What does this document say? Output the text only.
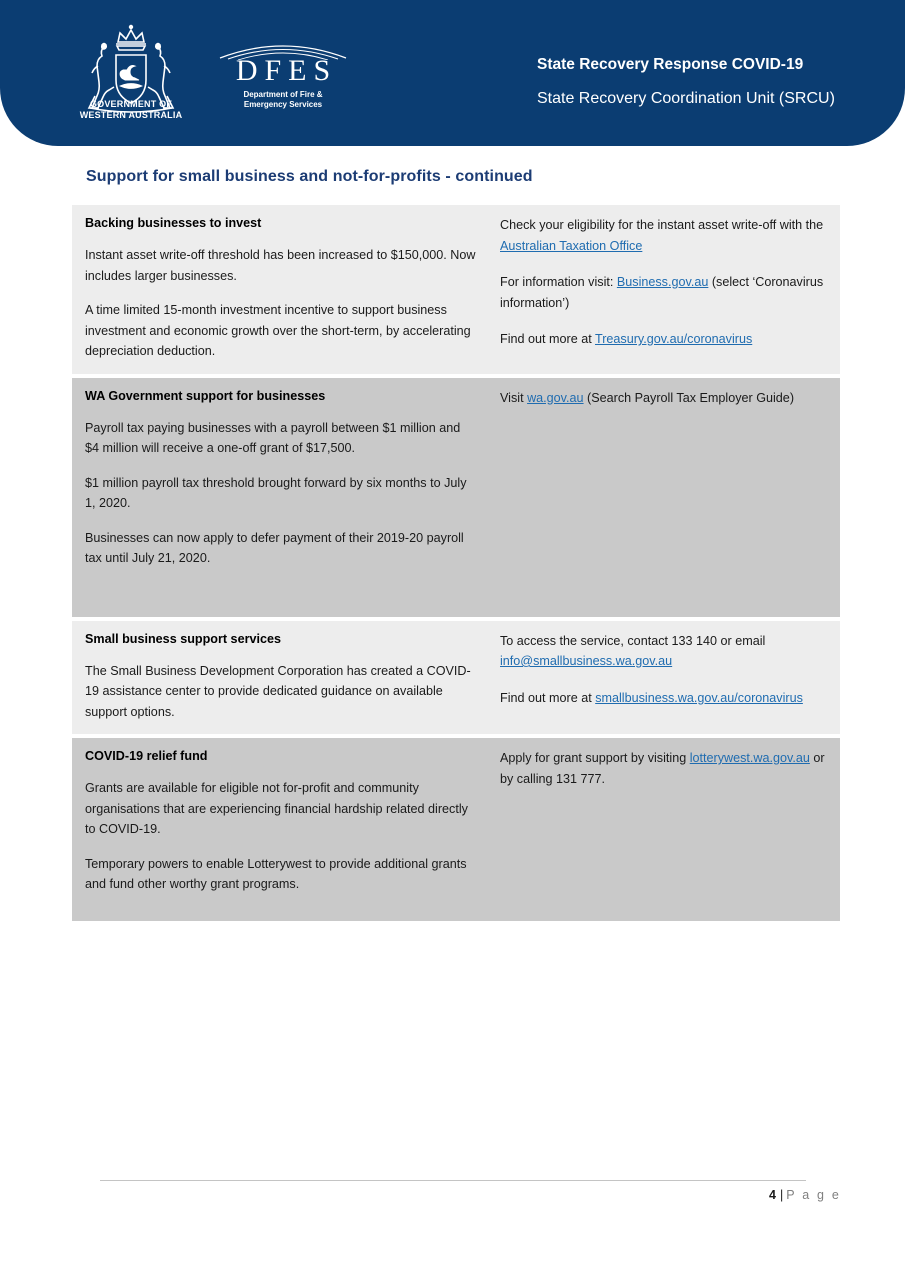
GOVERNMENT OF
WESTERN AUSTRALIA
DFES
Department of Fire &
Emergency Services
State Recovery Response COVID-19
State Recovery Coordination Unit (SRCU)
Support for small business and not-for-profits - continued
Backing businesses to invest

Instant asset write-off threshold has been increased to $150,000. Now includes larger businesses.

A time limited 15-month investment incentive to support business investment and economic growth over the short-term, by accelerating depreciation deduction.

Check your eligibility for the instant asset write-off with the Australian Taxation Office

For information visit: Business.gov.au (select ‘Coronavirus information’)

Find out more at Treasury.gov.au/coronavirus

WA Government support for businesses

Payroll tax paying businesses with a payroll between $1 million and $4 million will receive a one-off grant of $17,500.

$1 million payroll tax threshold brought forward by six months to July 1, 2020.

Businesses can now apply to defer payment of their 2019-20 payroll tax until July 21, 2020.

Visit wa.gov.au (Search Payroll Tax Employer Guide)

Small business support services

The Small Business Development Corporation has created a COVID-19 assistance center to provide dedicated guidance on available support options.

To access the service, contact 133 140 or email info@smallbusiness.wa.gov.au

Find out more at smallbusiness.wa.gov.au/coronavirus

COVID-19 relief fund

Grants are available for eligible not for-profit and community organisations that are experiencing financial hardship related directly to COVID-19.

Temporary powers to enable Lotterywest to provide additional grants and fund other worthy grant programs.

Apply for grant support by visiting lotterywest.wa.gov.au or by calling 131 777.

4 | P a g e
